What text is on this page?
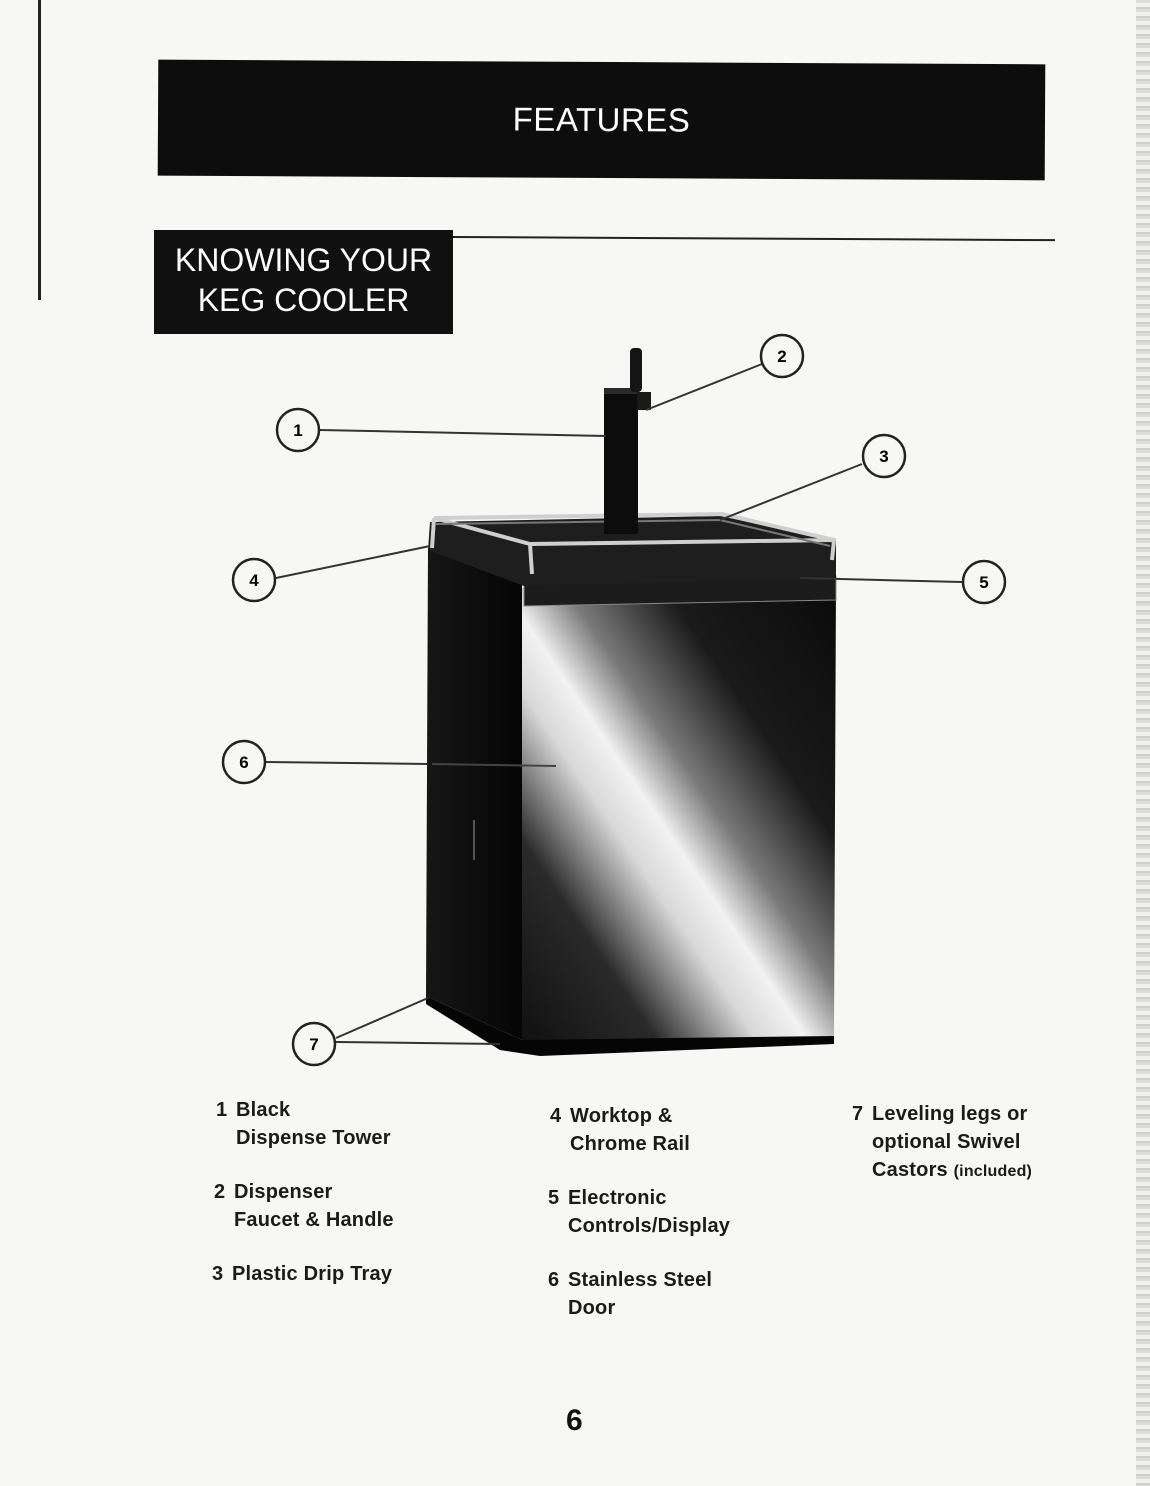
FEATURES
KNOWING YOUR
KEG COOLER
1
2
3
4	5
6
7
1 Black
Dispense Tower
2 Dispenser
Faucet & Handle
3 Plastic Drip Tray
4 Worktop &
Chrome Rail
5 Electronic
Controls/Display
6 Stainless Steel
Door
7 Leveling legs or
optional Swivel
Castors (included)
6
